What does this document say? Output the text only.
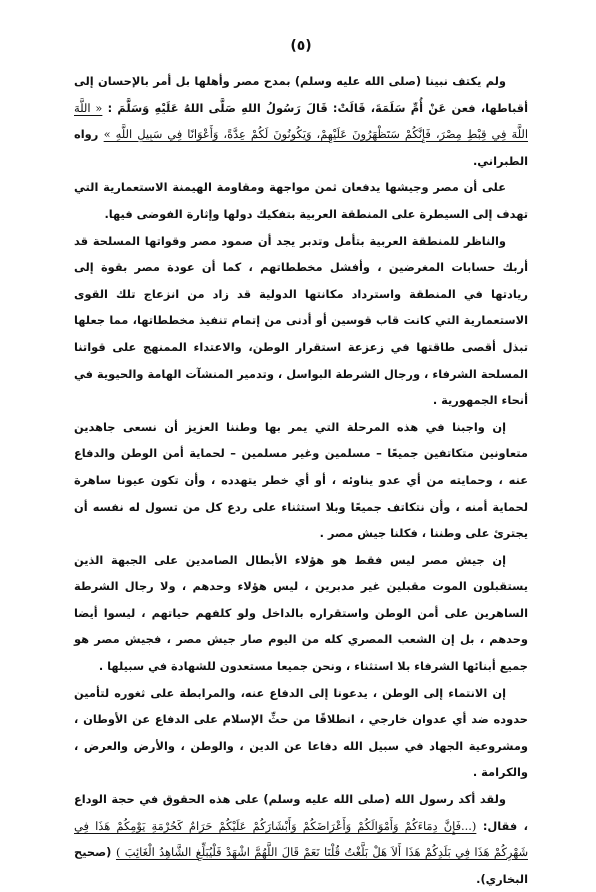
(٥)

ولم يكتف نبينا (صلى الله عليه وسلم) بمدح مصر وأهلها بل أمر بالإحسان إلى أقباطها، فعن عَنْ أُمِّ سَلَمَةَ، قَالَتْ: قَالَ رَسُولُ اللهِ صَلَّى اللهُ عَلَيْهِ وَسَلَّمَ : « اللَّهَ اللَّهَ فِي قِبْطِ مِصْرَ، فَإِنَّكُمْ سَتَظْهَرُونَ عَلَيْهِمْ، وَيَكُونُونَ لَكُمْ عِدَّةً، وَأَعْوَانًا فِي سَبِيلِ اللَّهِ » رواه الطبراني.

على أن مصر وجيشها يدفعان ثمن مواجهة ومقاومة الهيمنة الاستعمارية التي تهدف إلى السيطرة على المنطقة العربية بتفكيك دولها وإثارة الفوضى فيها.

والناظر للمنطقة العربية بتأمل وتدبر يجد أن صمود مصر وقواتها المسلحة قد أربك حسابات المغرضين ، وأفشل مخططاتهم ، كما أن عودة مصر بقوة إلى ريادتها في المنطقة واسترداد مكانتها الدولية قد زاد من انزعاج تلك القوى الاستعمارية التي كانت قاب قوسين أو أدنى من إتمام تنفيذ مخططاتها، مما جعلها تبذل أقصى طاقتها في زعزعة استقرار الوطن، والاعتداء الممنهج على قواتنا المسلحة الشرفاء ، ورجال الشرطة البواسل ، وتدمير المنشآت الهامة والحيوية في أنحاء الجمهورية .

إن واجبنا في هذه المرحلة التي يمر بها وطننا العزيز أن نسعى جاهدين متعاونين متكاتفين جميعًا – مسلمين وغير مسلمين – لحماية أمن الوطن والدفاع عنه ، وحمايته من أي عدو يناوئه ، أو أي خطر يتهدده ، وأن تكون عيونا ساهرة لحماية أمنه ، وأن نتكاتف جميعًا وبلا استثناء على ردع كل من تسول له نفسه أن يجترئ على وطننا ، فكلنا جيش مصر .

إن جيش مصر ليس فقط هو هؤلاء الأبطال الصامدين على الجبهة الذين يستقبلون الموت مقبلين غير مدبرين ، ليس هؤلاء وحدهم ، ولا رجال الشرطة الساهرين على أمن الوطن واستقراره بالداخل ولو كلفهم حياتهم ، ليسوا أيضا وحدهم ، بل إن الشعب المصري كله من اليوم صار جيش مصر ، فجيش مصر هو جميع أبنائها الشرفاء بلا استثناء ، ونحن جميعا مستعدون للشهادة في سبيلها .

إن الانتماء إلى الوطن ، يدعونا إلى الدفاع عنه، والمرابطة على ثغوره لتأمين حدوده ضد أي عدوان خارجي ، انطلاقًا من حثِّ الإسلام على الدفاع عن الأوطان ، ومشروعية الجهاد في سبيل الله دفاعا عن الدين ، والوطن ، والأرض والعرض ، والكرامة .

ولقد أكد رسول الله (صلى الله عليه وسلم) على هذه الحقوق في حجة الوداع ، فقال: (...فَإِنَّ دِمَاءَكُمْ وَأَمْوَالَكُمْ وَأَعْرَاضَكُمْ وَأَبْشَارَكُمْ عَلَيْكُمْ حَرَامٌ كَحُرْمَةِ يَوْمِكُمْ هَذَا فِي شَهْرِكُمْ هَذَا فِي بَلَدِكُمْ هَذَا أَلاَ هَلْ بَلَّغْتُ قُلْنَا نَعَمْ قَالَ اللَّهُمَّ اشْهَدْ فَلْيُبَلِّغِ الشَّاهِدُ الْغَائِبَ ) (صحيح البخاري).
